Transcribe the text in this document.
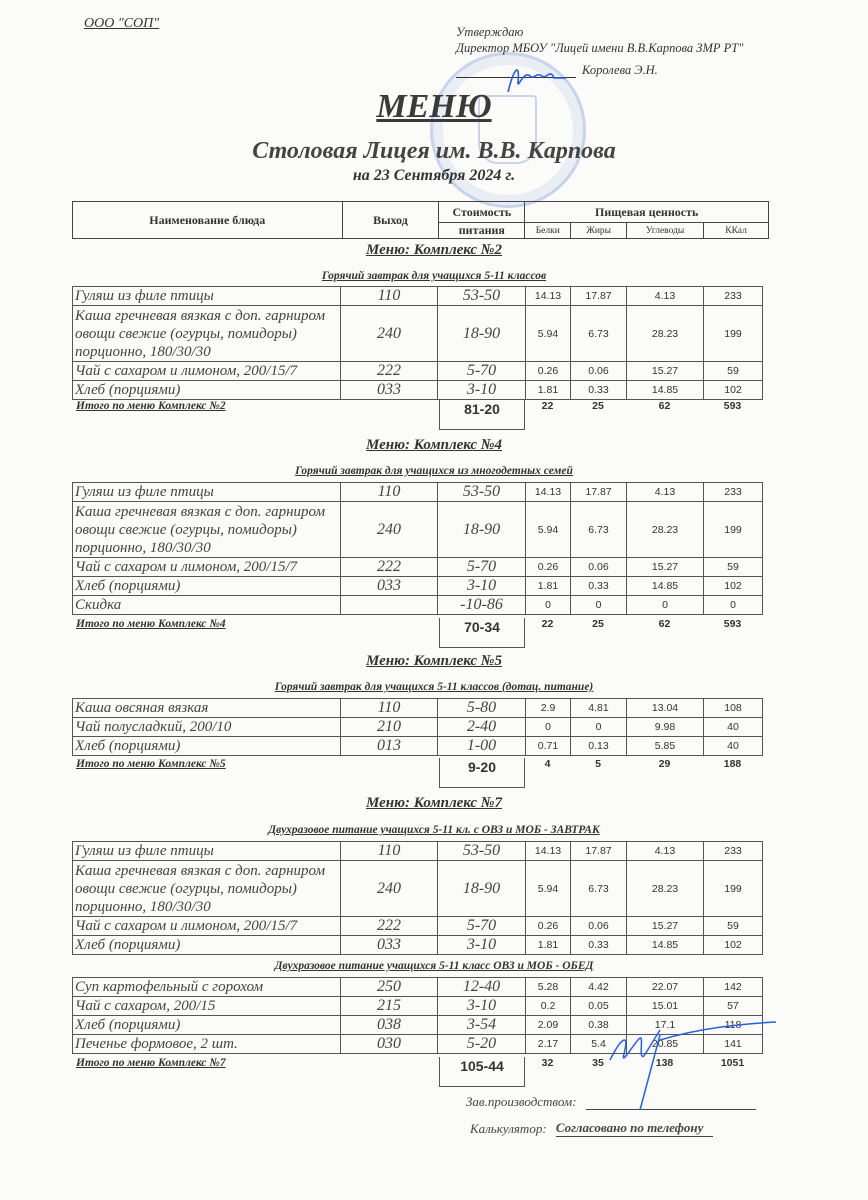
ООО "СОП"
Утверждаю
Директор МБОУ "Лицей имени В.В.Карпова ЗМР РТ"
Королева Э.Н.
МЕНЮ
Столовая Лицея им. В.В. Карпова
на 23 Сентября 2024 г.
Наименование блюда	Выход	Стоимость	Пищевая ценность			
		питания	Белки	Жиры	Углеводы	ККал
Меню: Комплекс №2
Горячий завтрак для учащихся 5-11 классов
Гуляш из филе птицы	110	53-50	14.13	17.87	4.13	233
Каша гречневая вязкая с доп. гарниром овощи свежие (огурцы, помидоры) порционно, 180/30/30	240	18-90	5.94	6.73	28.23	199
Чай с сахаром и лимоном, 200/15/7	222	5-70	0.26	0.06	15.27	59
Хлеб (порциями)	033	3-10	1.81	0.33	14.85	102
Итого по меню Комплекс №2	81-20	22	25	62	593
Меню: Комплекс №4
Горячий завтрак для учащихся из многодетных семей
Гуляш из филе птицы	110	53-50	14.13	17.87	4.13	233
Каша гречневая вязкая с доп. гарниром овощи свежие (огурцы, помидоры) порционно, 180/30/30	240	18-90	5.94	6.73	28.23	199
Чай с сахаром и лимоном, 200/15/7	222	5-70	0.26	0.06	15.27	59
Хлеб (порциями)	033	3-10	1.81	0.33	14.85	102
Скидка		-10-86	0	0	0	0
Итого по меню Комплекс №4	70-34	22	25	62	593
Меню: Комплекс №5
Горячий завтрак для учащихся 5-11 классов (дотац. питание)
Каша овсяная вязкая	110	5-80	2.9	4.81	13.04	108
Чай полусладкий, 200/10	210	2-40	0	0	9.98	40
Хлеб (порциями)	013	1-00	0.71	0.13	5.85	40
Итого по меню Комплекс №5	9-20	4	5	29	188
Меню: Комплекс №7
Двухразовое питание учащихся 5-11 кл. с ОВЗ и МОБ - ЗАВТРАК
Гуляш из филе птицы	110	53-50	14.13	17.87	4.13	233
Каша гречневая вязкая с доп. гарниром овощи свежие (огурцы, помидоры) порционно, 180/30/30	240	18-90	5.94	6.73	28.23	199
Чай с сахаром и лимоном, 200/15/7	222	5-70	0.26	0.06	15.27	59
Хлеб (порциями)	033	3-10	1.81	0.33	14.85	102
Двухразовое питание учащихся 5-11 класс ОВЗ и МОБ - ОБЕД
Суп картофельный с горохом	250	12-40	5.28	4.42	22.07	142
Чай с сахаром, 200/15	215	3-10	0.2	0.05	15.01	57
Хлеб (порциями)	038	3-54	2.09	0.38	17.1	118
Печенье формовое, 2 шт.	030	5-20	2.17	5.4	20.85	141
Итого по меню Комплекс №7	105-44	32	35	138	1051
Зав.производством:
Калькулятор: Согласовано по телефону
